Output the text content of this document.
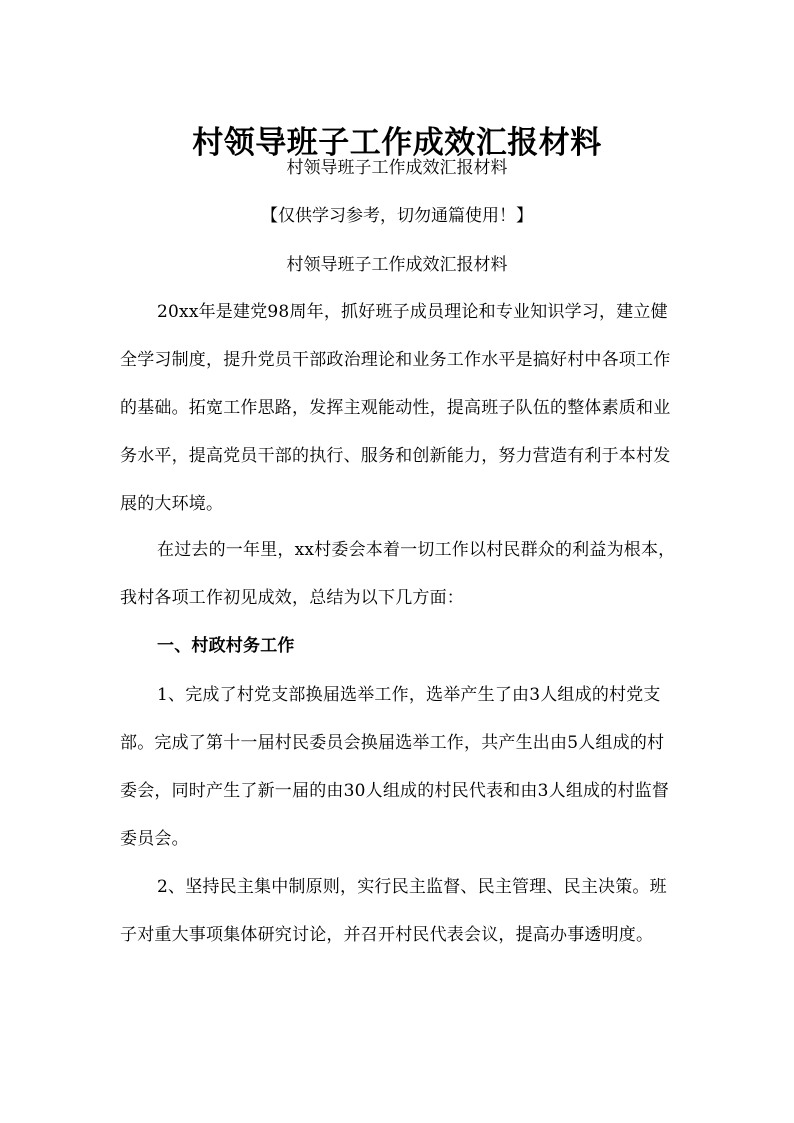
村领导班子工作成效汇报材料
村领导班子工作成效汇报材料
【仅供学习参考，切勿通篇使用！】
村领导班子工作成效汇报材料

20xx年是建党98周年，抓好班子成员理论和专业知识学习，建立健全学习制度，提升党员干部政治理论和业务工作水平是搞好村中各项工作的基础。拓宽工作思路，发挥主观能动性，提高班子队伍的整体素质和业务水平，提高党员干部的执行、服务和创新能力，努力营造有利于本村发展的大环境。

在过去的一年里，xx村委会本着一切工作以村民群众的利益为根本，我村各项工作初见成效，总结为以下几方面：

一、村政村务工作

1、完成了村党支部换届选举工作，选举产生了由3人组成的村党支部。完成了第十一届村民委员会换届选举工作，共产生出由5人组成的村委会，同时产生了新一届的由30人组成的村民代表和由3人组成的村监督委员会。

2、坚持民主集中制原则，实行民主监督、民主管理、民主决策。班子对重大事项集体研究讨论，并召开村民代表会议，提高办事透明度。
